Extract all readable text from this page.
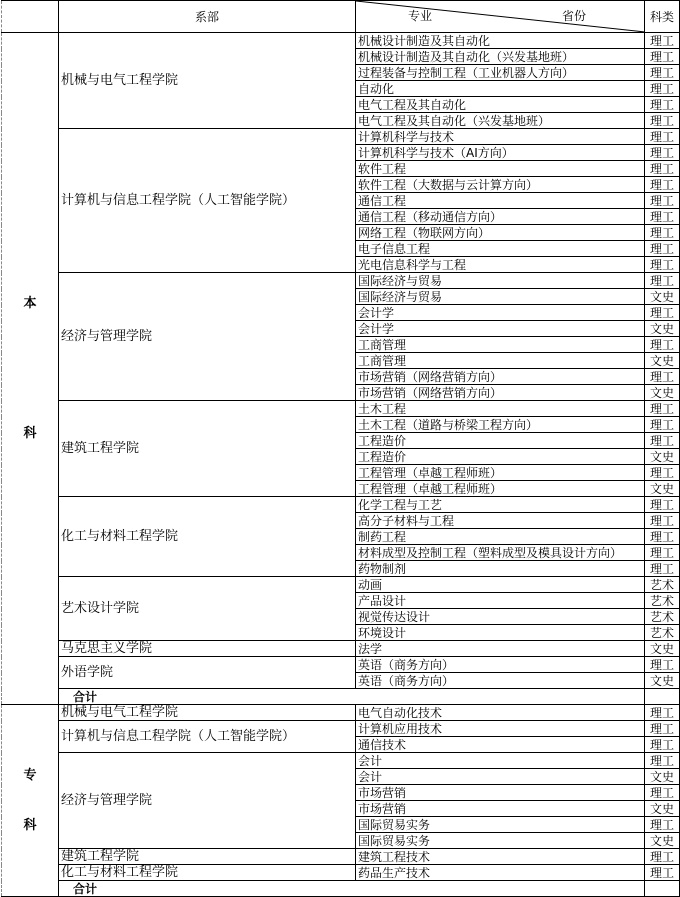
	系部	专业 省份	科类

本
科	机械与电气工程学院	机械设计制造及其自动化	理工
		机械设计制造及其自动化（兴发基地班）	理工
		过程装备与控制工程（工业机器人方向）	理工
		自动化	理工
		电气工程及其自动化	理工
		电气工程及其自动化（兴发基地班）	理工
	计算机与信息工程学院（人工智能学院）	计算机科学与技术	理工
		计算机科学与技术（AI方向）	理工
		软件工程	理工
		软件工程（大数据与云计算方向）	理工
		通信工程	理工
		通信工程（移动通信方向）	理工
		网络工程（物联网方向）	理工
		电子信息工程	理工
		光电信息科学与工程	理工
	经济与管理学院	国际经济与贸易	理工
		国际经济与贸易	文史
		会计学	理工
		会计学	文史
		工商管理	理工
		工商管理	文史
		市场营销（网络营销方向）	理工
		市场营销（网络营销方向）	文史
	建筑工程学院	土木工程	理工
		土木工程（道路与桥梁工程方向）	理工
		工程造价	理工
		工程造价	文史
		工程管理（卓越工程师班）	理工
		工程管理（卓越工程师班）	文史
	化工与材料工程学院	化学工程与工艺	理工
		高分子材料与工程	理工
		制药工程	理工
		材料成型及控制工程（塑料成型及模具设计方向）	理工
		药物制剂	理工
	艺术设计学院	动画	艺术
		产品设计	艺术
		视觉传达设计	艺术
		环境设计	艺术
	马克思主义学院	法学	文史
	外语学院	英语（商务方向）	理工
		英语（商务方向）	文史
	合计		

专
科	机械与电气工程学院	电气自动化技术	理工
	计算机与信息工程学院（人工智能学院）	计算机应用技术	理工
		通信技术	理工
	经济与管理学院	会计	理工
		会计	文史
		市场营销	理工
		市场营销	文史
		国际贸易实务	理工
		国际贸易实务	文史
	建筑工程学院	建筑工程技术	理工
	化工与材料工程学院	药品生产技术	理工
	合计		
